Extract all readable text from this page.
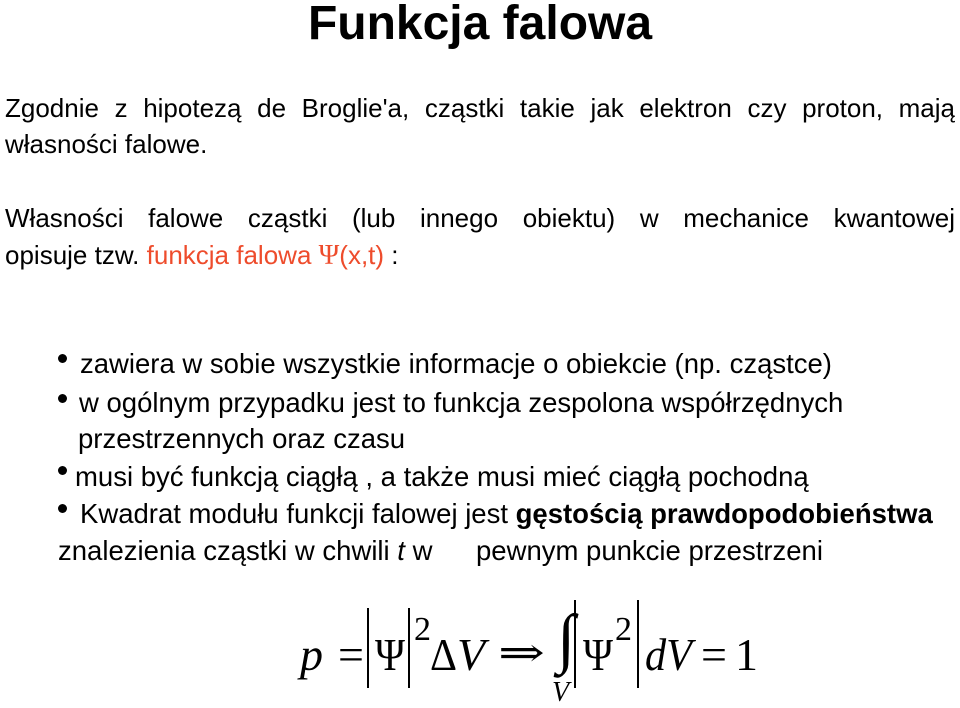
Funkcja falowa
Zgodnie z hipotezą de Broglie'a, cząstki takie jak elektron czy proton, mają
własności falowe.
Własności falowe cząstki (lub innego obiektu) w mechanice kwantowej
opisuje tzw. funkcja falowa Ψ(x,t) :
zawiera w sobie wszystkie informacje o obiekcie (np. cząstce)
w ogólnym przypadku jest to funkcja zespolona współrzędnych
przestrzennych oraz czasu
musi być funkcją ciągłą , a także musi mieć ciągłą pochodną
Kwadrat modułu funkcji falowej jest gęstością prawdopodobieństwa
znalezienia cząstki w chwili t w pewnym punkcie przestrzeni
p = Ψ 2 Δ V ⇒ ∫
V
Ψ 2 dV = 1
